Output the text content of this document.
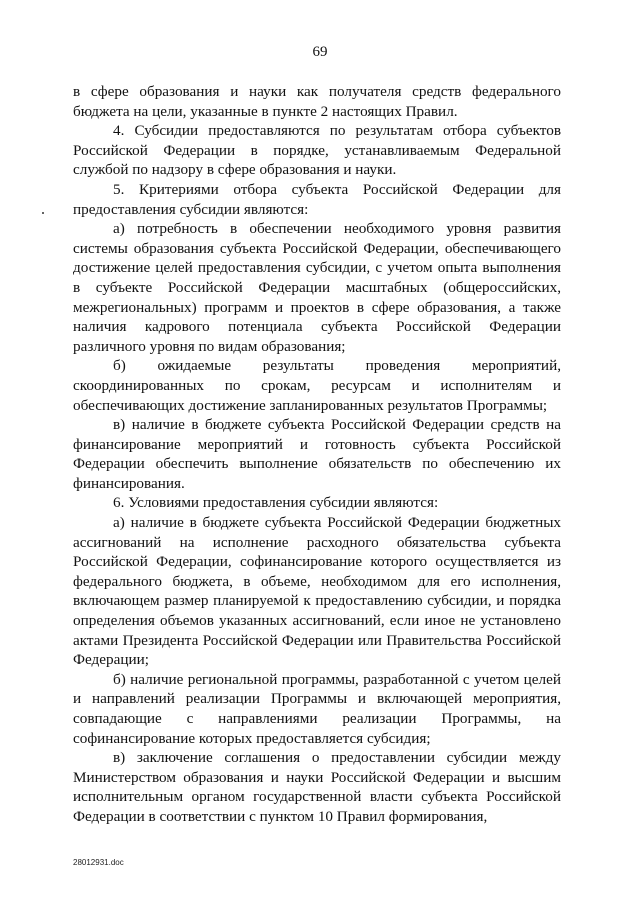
69

в сфере образования и науки как получателя средств федерального бюджета на цели, указанные в пункте 2 настоящих Правил.

4. Субсидии предоставляются по результатам отбора субъектов Российской Федерации в порядке, устанавливаемым Федеральной службой по надзору в сфере образования и науки.

5. Критериями отбора субъекта Российской Федерации для предоставления субсидии являются:

а) потребность в обеспечении необходимого уровня развития системы образования субъекта Российской Федерации, обеспечивающего достижение целей предоставления субсидии, с учетом опыта выполнения в субъекте Российской Федерации масштабных (общероссийских, межрегиональных) программ и проектов в сфере образования, а также наличия кадрового потенциала субъекта Российской Федерации различного уровня по видам образования;

б) ожидаемые результаты проведения мероприятий, скоординированных по срокам, ресурсам и исполнителям и обеспечивающих достижение запланированных результатов Программы;

в) наличие в бюджете субъекта Российской Федерации средств на финансирование мероприятий и готовность субъекта Российской Федерации обеспечить выполнение обязательств по обеспечению их финансирования.

6. Условиями предоставления субсидии являются:

а) наличие в бюджете субъекта Российской Федерации бюджетных ассигнований на исполнение расходного обязательства субъекта Российской Федерации, софинансирование которого осуществляется из федерального бюджета, в объеме, необходимом для его исполнения, включающем размер планируемой к предоставлению субсидии, и порядка определения объемов указанных ассигнований, если иное не установлено актами Президента Российской Федерации или Правительства Российской Федерации;

б) наличие региональной программы, разработанной с учетом целей и направлений реализации Программы и включающей мероприятия, совпадающие с направлениями реализации Программы, на софинансирование которых предоставляется субсидия;

в) заключение соглашения о предоставлении субсидии между Министерством образования и науки Российской Федерации и высшим исполнительным органом государственной власти субъекта Российской Федерации в соответствии с пунктом 10 Правил формирования,

28012931.doc
